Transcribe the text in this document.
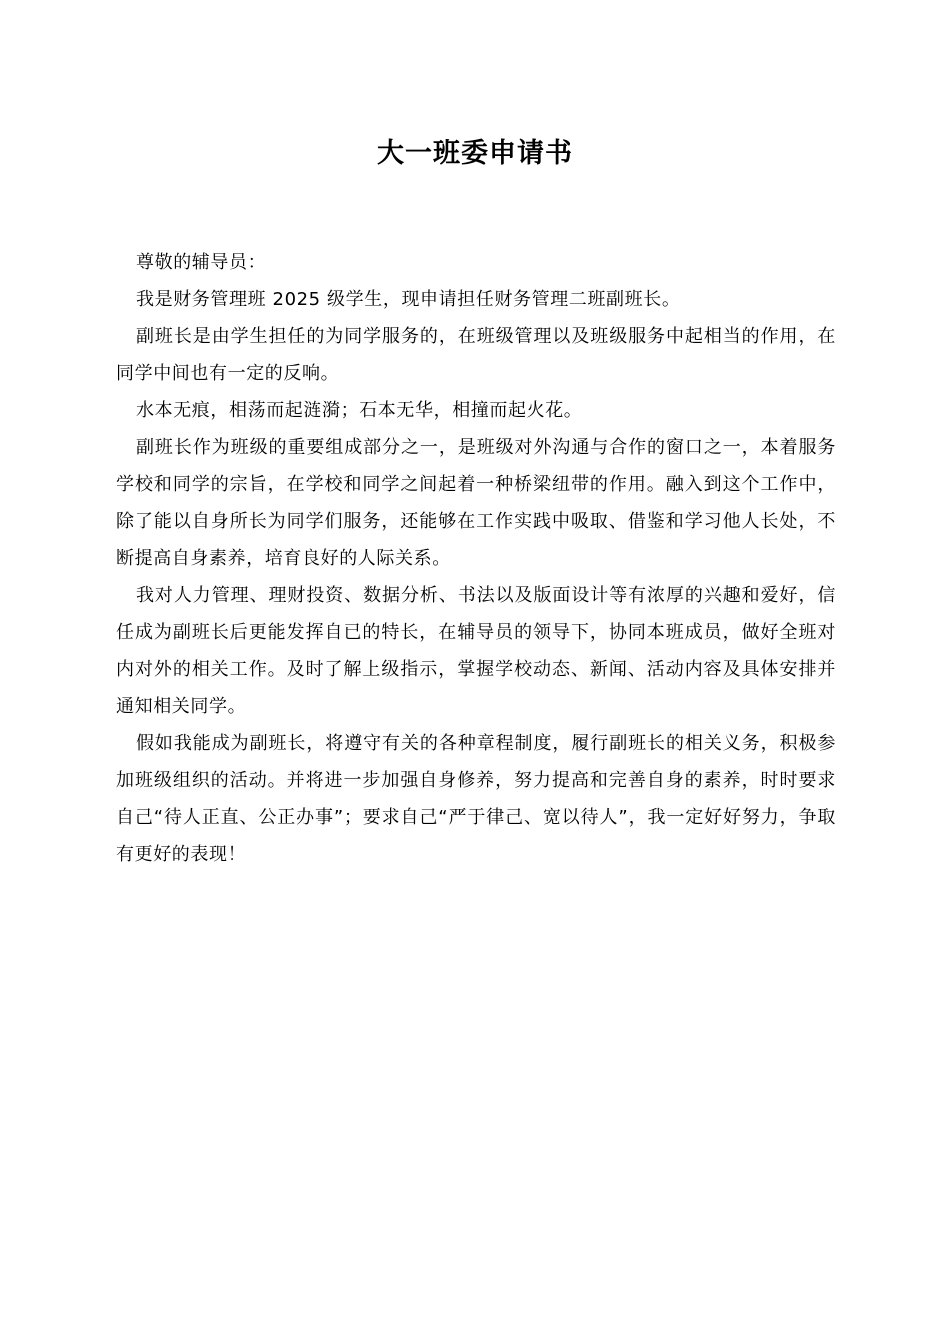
大一班委申请书

尊敬的辅导员：

我是财务管理班 2025 级学生，现申请担任财务管理二班副班长。

副班长是由学生担任的为同学服务的，在班级管理以及班级服务中起相当的作用，在同学中间也有一定的反响。

水本无痕，相荡而起涟漪；石本无华，相撞而起火花。

副班长作为班级的重要组成部分之一，是班级对外沟通与合作的窗口之一，本着服务学校和同学的宗旨，在学校和同学之间起着一种桥梁纽带的作用。融入到这个工作中，除了能以自身所长为同学们服务，还能够在工作实践中吸取、借鉴和学习他人长处，不断提高自身素养，培育良好的人际关系。

我对人力管理、理财投资、数据分析、书法以及版面设计等有浓厚的兴趣和爱好，信任成为副班长后更能发挥自已的特长，在辅导员的领导下，协同本班成员，做好全班对内对外的相关工作。及时了解上级指示，掌握学校动态、新闻、活动内容及具体安排并通知相关同学。

假如我能成为副班长，将遵守有关的各种章程制度，履行副班长的相关义务，积极参加班级组织的活动。并将进一步加强自身修养，努力提高和完善自身的素养，时时要求自己“待人正直、公正办事”；要求自己“严于律己、宽以待人”，我一定好好努力，争取有更好的表现！
